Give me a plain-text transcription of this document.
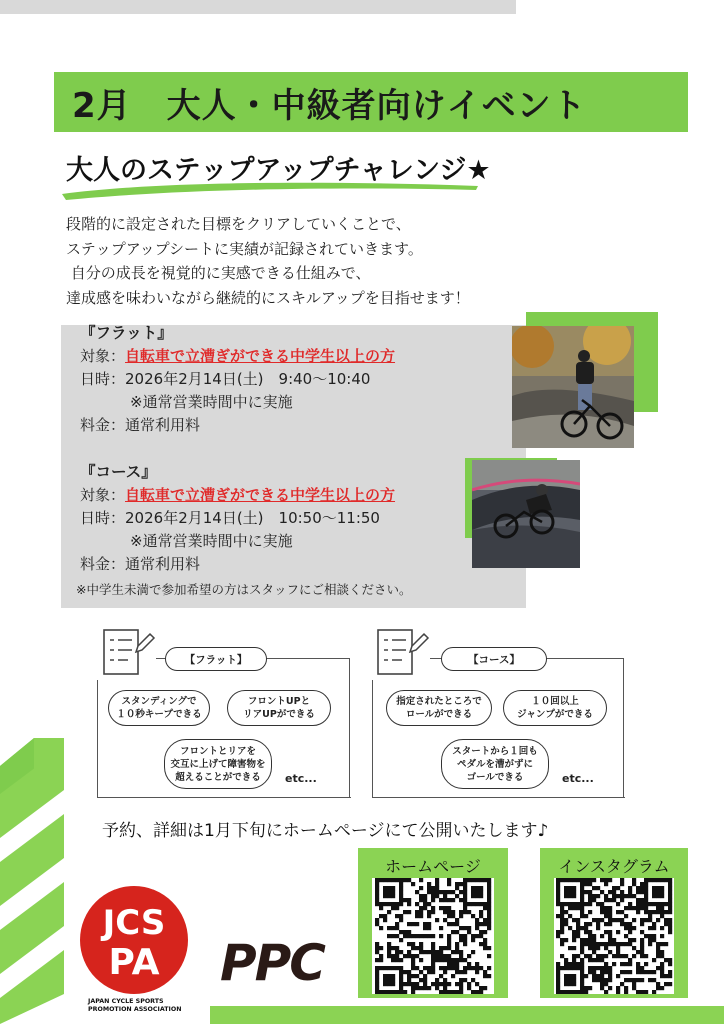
2月　大人・中級者向けイベント
大人のステップアップチャレンジ★
段階的に設定された目標をクリアしていくことで、
ステップアップシートに実績が記録されていきます。
自分の成長を視覚的に実感できる仕組みで、
達成感を味わいながら継続的にスキルアップを目指せます！
『フラット』
対象：自転車で立漕ぎができる中学生以上の方
日時：2026年2月14日(土)　9:40～10:40
※通常営業時間中に実施
料金：通常利用料
『コース』
対象：自転車で立漕ぎができる中学生以上の方
日時：2026年2月14日(土)　10:50～11:50
※通常営業時間中に実施
料金：通常利用料
※中学生未満で参加希望の方はスタッフにご相談ください。
【フラット】
スタンディングで
１０秒キープできる
フロントUPと
リアUPができる
フロントとリアを
交互に上げて障害物を
超えることができる	etc...
【コース】
指定されたところで
ロールができる
１０回以上
ジャンプができる
スタートから１回も
ペダルを漕がずに
ゴールできる	etc...
予約、詳細は1月下旬にホームページにて公開いたします♪
ホームページ	インスタグラム
JCS
PA
JAPAN CYCLE SPORTS
PROMOTION ASSOCIATION
PPC
